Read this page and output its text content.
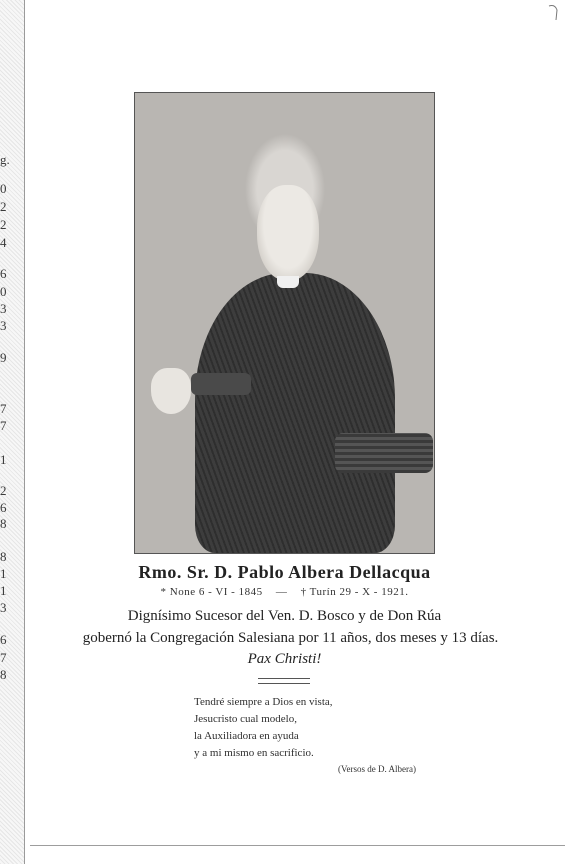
g.
0
2
2
4
6
0
3
3
9
7
7
1
2
6
8
8
1
1
3
6
7
8
Rmo. Sr. D. Pablo Albera Dellacqua
* None 6 - VI - 1845 — † Turín 29 - X - 1921.
Dignísimo Sucesor del Ven. D. Bosco y de Don Rúa
gobernó la Congregación Salesiana por 11 años, dos meses y 13 días.
Pax Christi!
Tendré siempre a Dios en vista,
Jesucristo cual modelo,
la Auxiliadora en ayuda
y a mi mismo en sacrificio.
(Versos de D. Albera)
